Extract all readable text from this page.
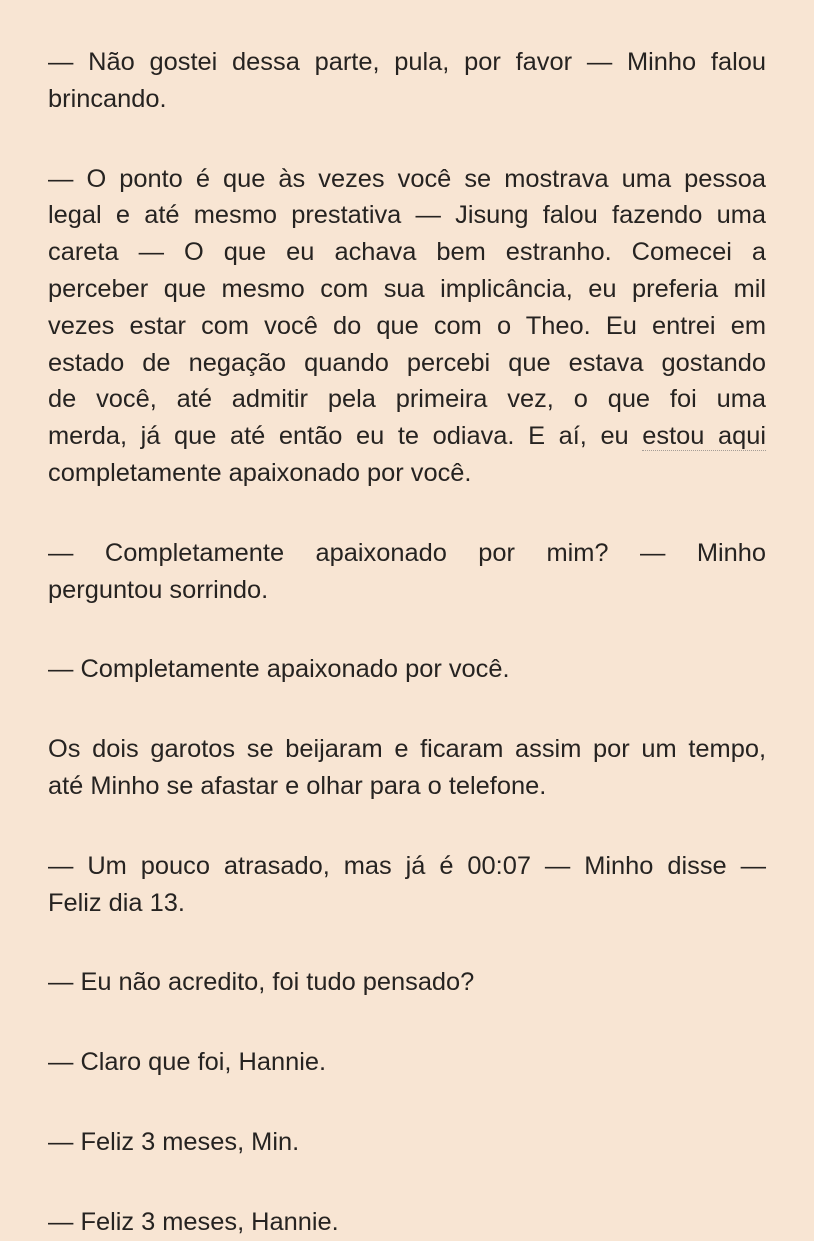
— Não gostei dessa parte, pula, por favor — Minho falou
brincando.

— O ponto é que às vezes você se mostrava uma pessoa
legal e até mesmo prestativa — Jisung falou fazendo uma
careta — O que eu achava bem estranho. Comecei a
perceber que mesmo com sua implicância, eu preferia mil
vezes estar com você do que com o Theo. Eu entrei em
estado de negação quando percebi que estava gostando
de você, até admitir pela primeira vez, o que foi uma
merda, já que até então eu te odiava. E aí, eu estou aqui
completamente apaixonado por você.

— Completamente apaixonado por mim? — Minho
perguntou sorrindo.

— Completamente apaixonado por você.

Os dois garotos se beijaram e ficaram assim por um tempo,
até Minho se afastar e olhar para o telefone.

— Um pouco atrasado, mas já é 00:07 — Minho disse —
Feliz dia 13.

— Eu não acredito, foi tudo pensado?

— Claro que foi, Hannie.

— Feliz 3 meses, Min.

— Feliz 3 meses, Hannie.
